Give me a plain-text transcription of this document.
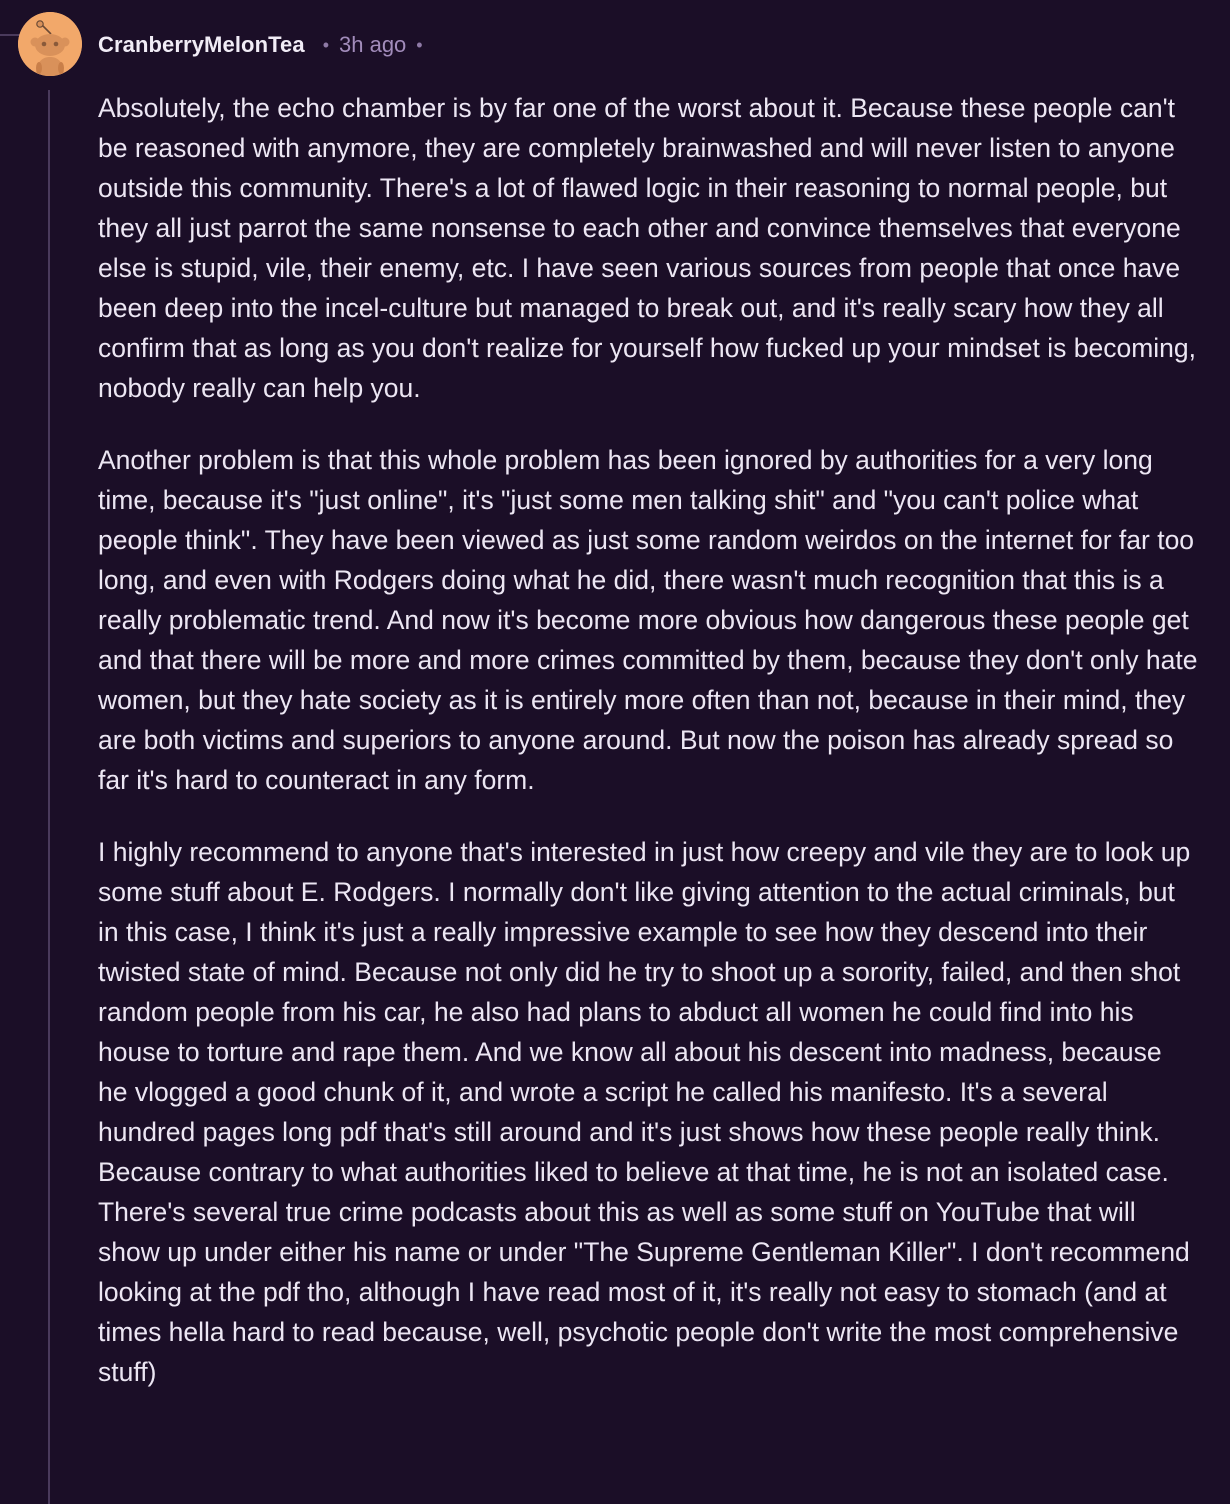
CranberryMelonTea • 3h ago •

Absolutely, the echo chamber is by far one of the worst about it. Because these people can't be reasoned with anymore, they are completely brainwashed and will never listen to anyone outside this community. There's a lot of flawed logic in their reasoning to normal people, but they all just parrot the same nonsense to each other and convince themselves that everyone else is stupid, vile, their enemy, etc. I have seen various sources from people that once have been deep into the incel-culture but managed to break out, and it's really scary how they all confirm that as long as you don't realize for yourself how fucked up your mindset is becoming, nobody really can help you.

Another problem is that this whole problem has been ignored by authorities for a very long time, because it's "just online", it's "just some men talking shit" and "you can't police what people think". They have been viewed as just some random weirdos on the internet for far too long, and even with Rodgers doing what he did, there wasn't much recognition that this is a really problematic trend. And now it's become more obvious how dangerous these people get and that there will be more and more crimes committed by them, because they don't only hate women, but they hate society as it is entirely more often than not, because in their mind, they are both victims and superiors to anyone around. But now the poison has already spread so far it's hard to counteract in any form.

I highly recommend to anyone that's interested in just how creepy and vile they are to look up some stuff about E. Rodgers. I normally don't like giving attention to the actual criminals, but in this case, I think it's just a really impressive example to see how they descend into their twisted state of mind. Because not only did he try to shoot up a sorority, failed, and then shot random people from his car, he also had plans to abduct all women he could find into his house to torture and rape them. And we know all about his descent into madness, because he vlogged a good chunk of it, and wrote a script he called his manifesto. It's a several hundred pages long pdf that's still around and it's just shows how these people really think. Because contrary to what authorities liked to believe at that time, he is not an isolated case. There's several true crime podcasts about this as well as some stuff on YouTube that will show up under either his name or under "The Supreme Gentleman Killer". I don't recommend looking at the pdf tho, although I have read most of it, it's really not easy to stomach (and at times hella hard to read because, well, psychotic people don't write the most comprehensive stuff)
